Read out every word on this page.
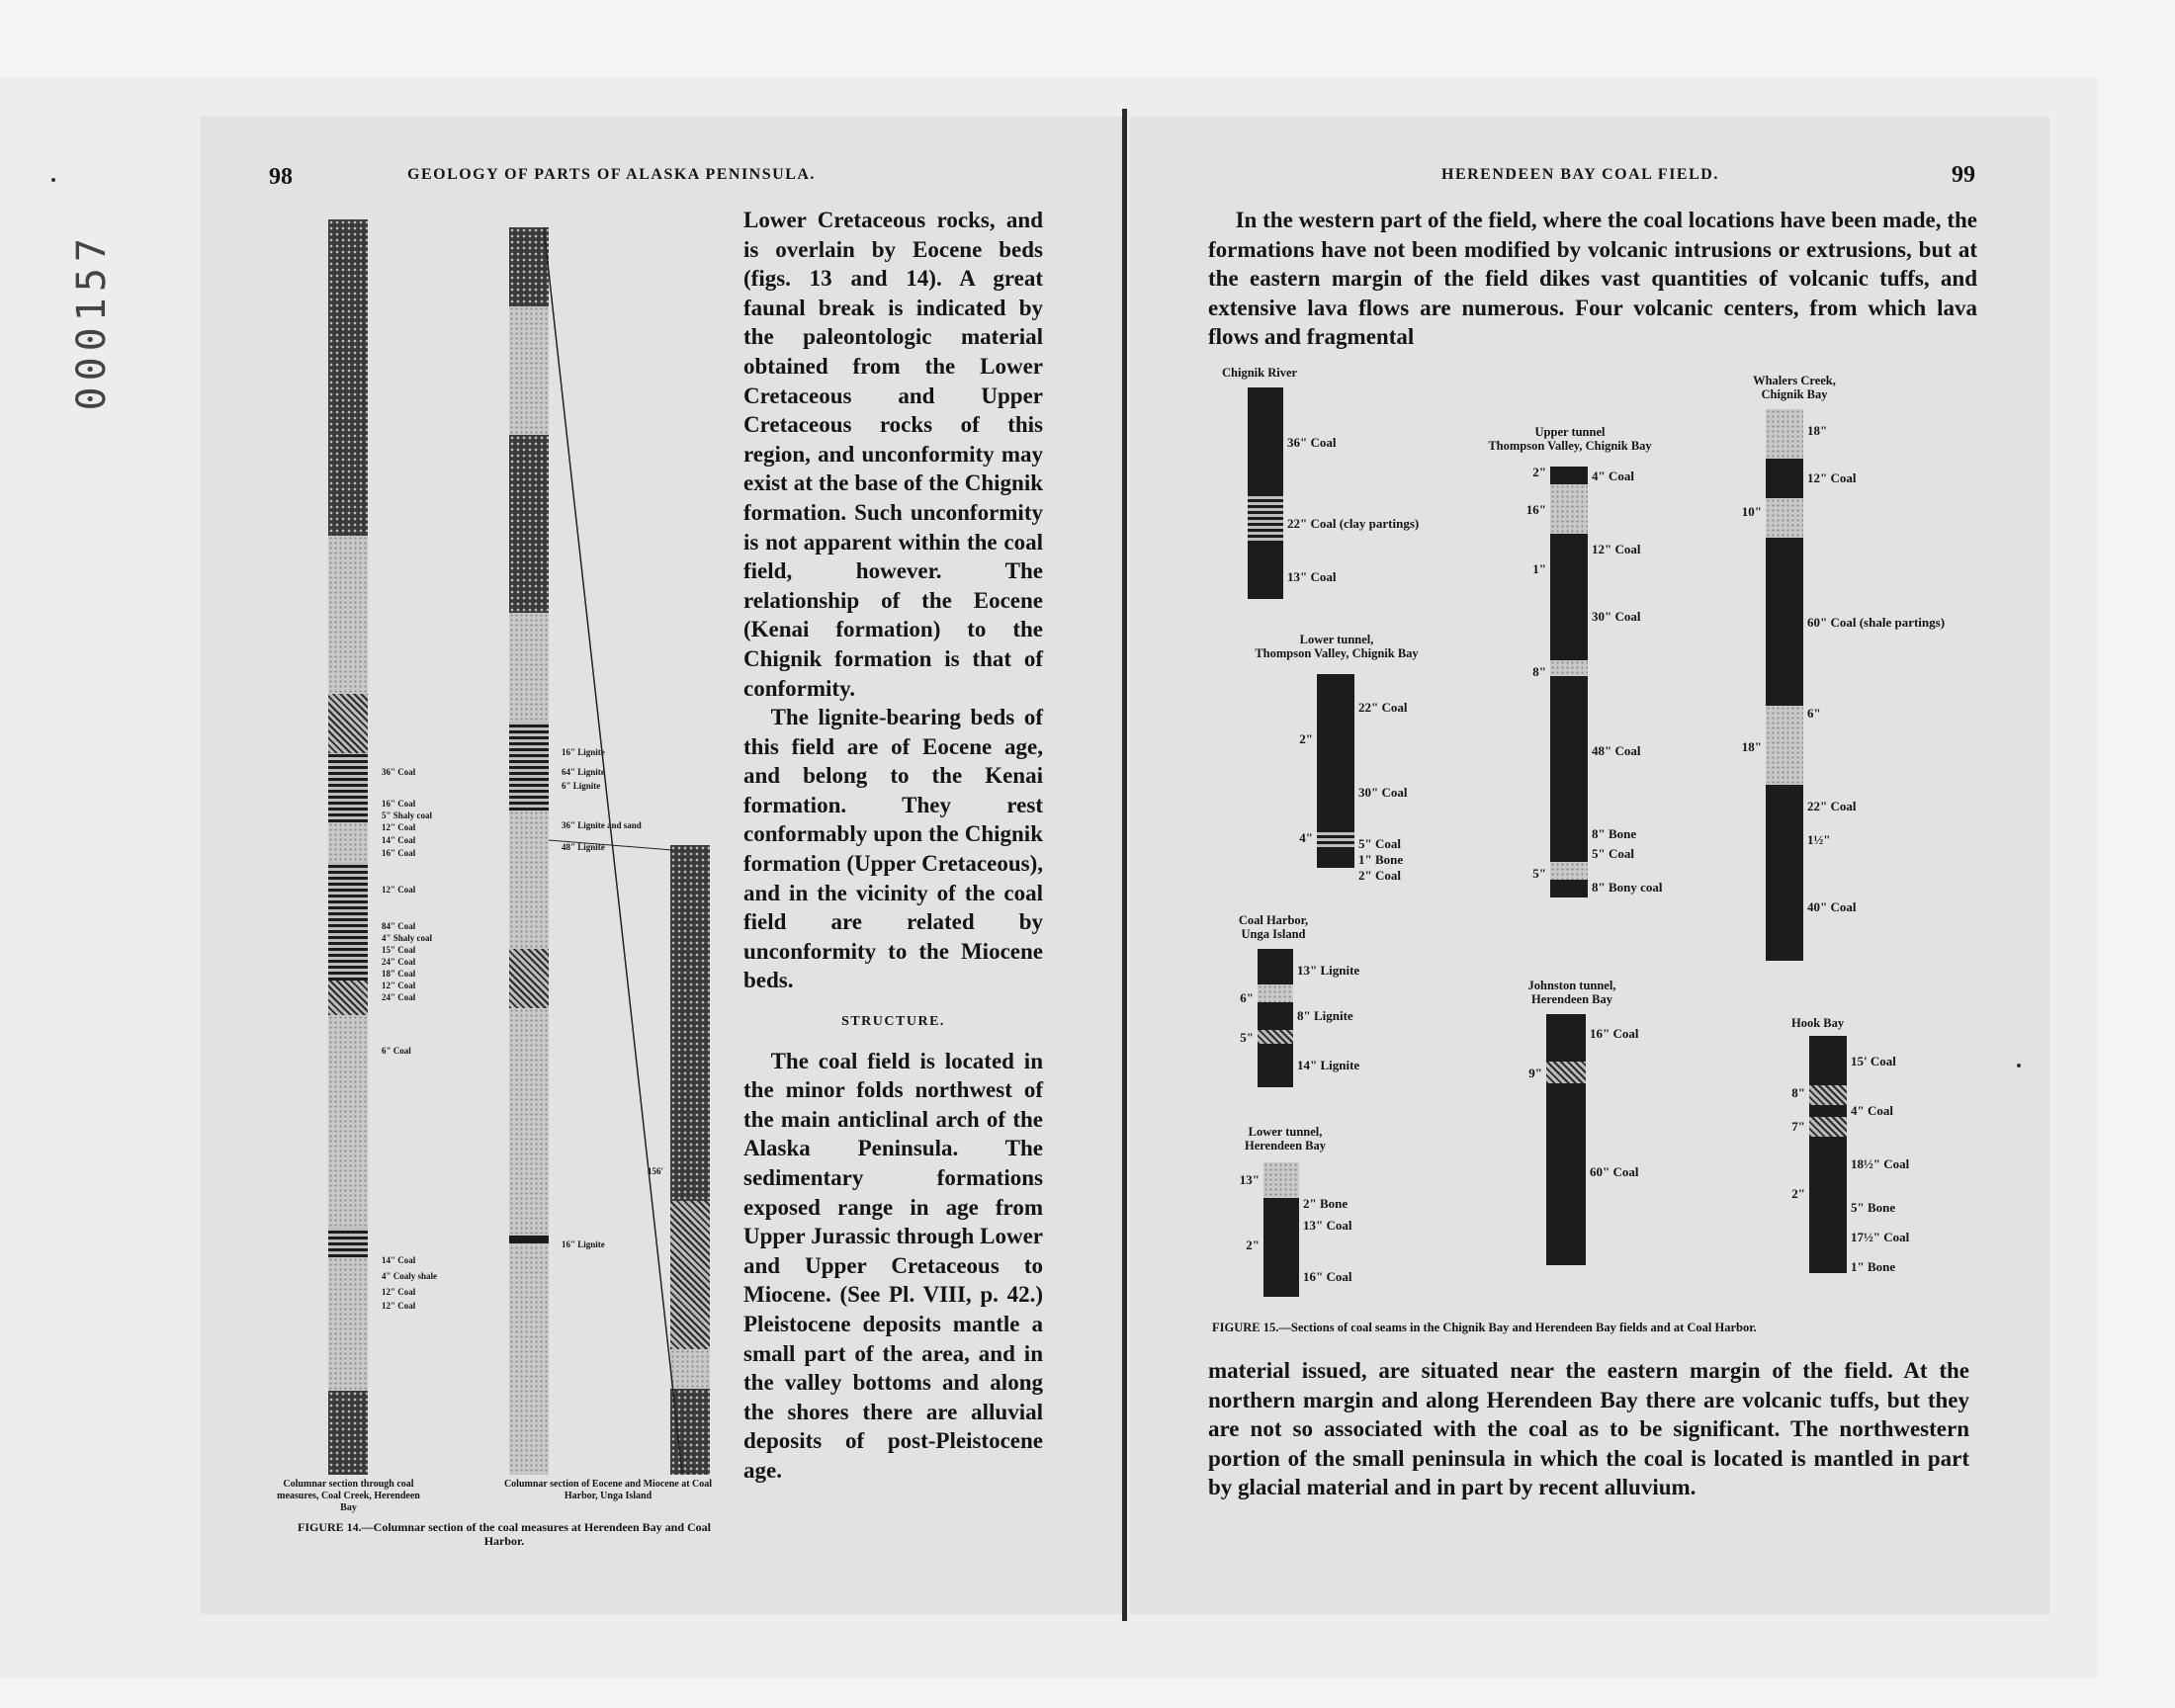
000157
98	GEOLOGY OF PARTS OF ALASKA PENINSULA.

Lower Cretaceous rocks, and is overlain by Eocene beds (figs. 13 and 14). A great faunal break is indicated by the paleontologic material obtained from the Lower Cretaceous and Upper Cretaceous rocks of this region, and unconformity may exist at the base of the Chignik formation. Such unconformity is not apparent within the coal field, however. The relationship of the Eocene (Kenai formation) to the Chignik formation is that of conformity.

The lignite-bearing beds of this field are of Eocene age, and belong to the Kenai formation. They rest conformably upon the Chignik formation (Upper Cretaceous), and in the vicinity of the coal field are related by unconformity to the Miocene beds.

STRUCTURE.

The coal field is located in the minor folds northwest of the main anticlinal arch of the Alaska Peninsula. The sedimentary formations exposed range in age from Upper Jurassic through Lower and Upper Cretaceous to Miocene. (See Pl. VIII, p. 42.) Pleistocene deposits mantle a small part of the area, and in the valley bottoms and along the shores there are alluvial deposits of post-Pleistocene age.

36" Coal
16" Coal
5" Shaly coal
12" Coal
14" Coal
16" Coal
12" Coal
84" Coal
4" Shaly coal
15" Coal
24" Coal
18" Coal
12" Coal
24" Coal
6" Coal
14" Coal
4" Coaly shale
12" Coal
12" Coal
16" Lignite
64" Lignite
6" Lignite
36" Lignite and sand
48" Lignite
16" Lignite
156'
Columnar section through coal measures, Coal Creek, Herendeen Bay
Columnar section of Eocene and Miocene at Coal Harbor, Unga Island
FIGURE 14.—Columnar section of the coal measures at Herendeen Bay and Coal Harbor.
HERENDEEN BAY COAL FIELD.	99
In the western part of the field, where the coal locations have been made, the formations have not been modified by volcanic intrusions or extrusions, but at the eastern margin of the field dikes vast quantities of volcanic tuffs, and extensive lava flows are numerous. Four volcanic centers, from which lava flows and fragmental
Chignik River
36" Coal
22" Coal (clay partings)
13" Coal
Upper tunnel
Thompson Valley, Chignik Bay
2"
16"
1"
8"
5"
4" Coal
12" Coal
30" Coal
48" Coal
8" Bone
5" Coal
8" Bony coal
Whalers Creek,
Chignik Bay
10"
18"
18"
12" Coal
60" Coal (shale partings)
6"
22" Coal
1½"
40" Coal
Lower tunnel,
Thompson Valley, Chignik Bay
2"
4"
22" Coal
30" Coal
5" Coal
1" Bone
2" Coal
Coal Harbor,
Unga Island
6"
5"
13" Lignite
8" Lignite
14" Lignite
Johnston tunnel,
Herendeen Bay
9"
16" Coal
60" Coal
Hook Bay
8"
7"
2"
15' Coal
4" Coal
18½" Coal
5" Bone
17½" Coal
1" Bone
Lower tunnel,
Herendeen Bay
13"
2"
2" Bone
13" Coal
16" Coal
FIGURE 15.—Sections of coal seams in the Chignik Bay and Herendeen Bay fields and at Coal Harbor.
material issued, are situated near the eastern margin of the field. At the northern margin and along Herendeen Bay there are volcanic tuffs, but they are not so associated with the coal as to be significant. The northwestern portion of the small peninsula in which the coal is located is mantled in part by glacial material and in part by recent alluvium.
